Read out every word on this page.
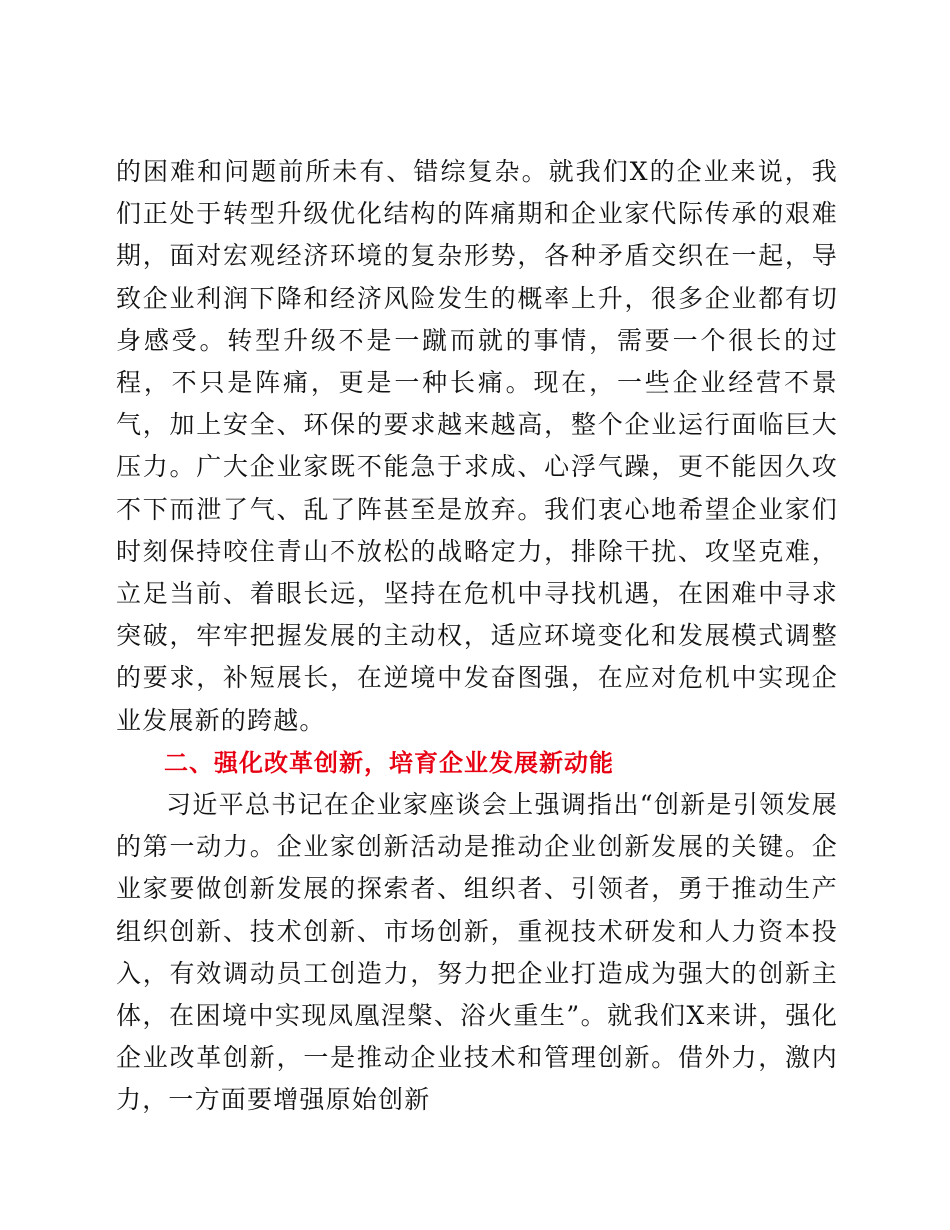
的困难和问题前所未有、错综复杂。就我们X的企业来说，我们正处于转型升级优化结构的阵痛期和企业家代际传承的艰难期，面对宏观经济环境的复杂形势，各种矛盾交织在一起，导致企业利润下降和经济风险发生的概率上升，很多企业都有切身感受。转型升级不是一蹴而就的事情，需要一个很长的过程，不只是阵痛，更是一种长痛。现在，一些企业经营不景气，加上安全、环保的要求越来越高，整个企业运行面临巨大压力。广大企业家既不能急于求成、心浮气躁，更不能因久攻不下而泄了气、乱了阵甚至是放弃。我们衷心地希望企业家们时刻保持咬住青山不放松的战略定力，排除干扰、攻坚克难，立足当前、着眼长远，坚持在危机中寻找机遇，在困难中寻求突破，牢牢把握发展的主动权，适应环境变化和发展模式调整的要求，补短展长，在逆境中发奋图强，在应对危机中实现企业发展新的跨越。

二、强化改革创新，培育企业发展新动能

习近平总书记在企业家座谈会上强调指出“创新是引领发展的第一动力。企业家创新活动是推动企业创新发展的关键。企业家要做创新发展的探索者、组织者、引领者，勇于推动生产组织创新、技术创新、市场创新，重视技术研发和人力资本投入，有效调动员工创造力，努力把企业打造成为强大的创新主体，在困境中实现凤凰涅槃、浴火重生”。就我们X来讲，强化企业改革创新，一是推动企业技术和管理创新。借外力，激内力，一方面要增强原始创新
